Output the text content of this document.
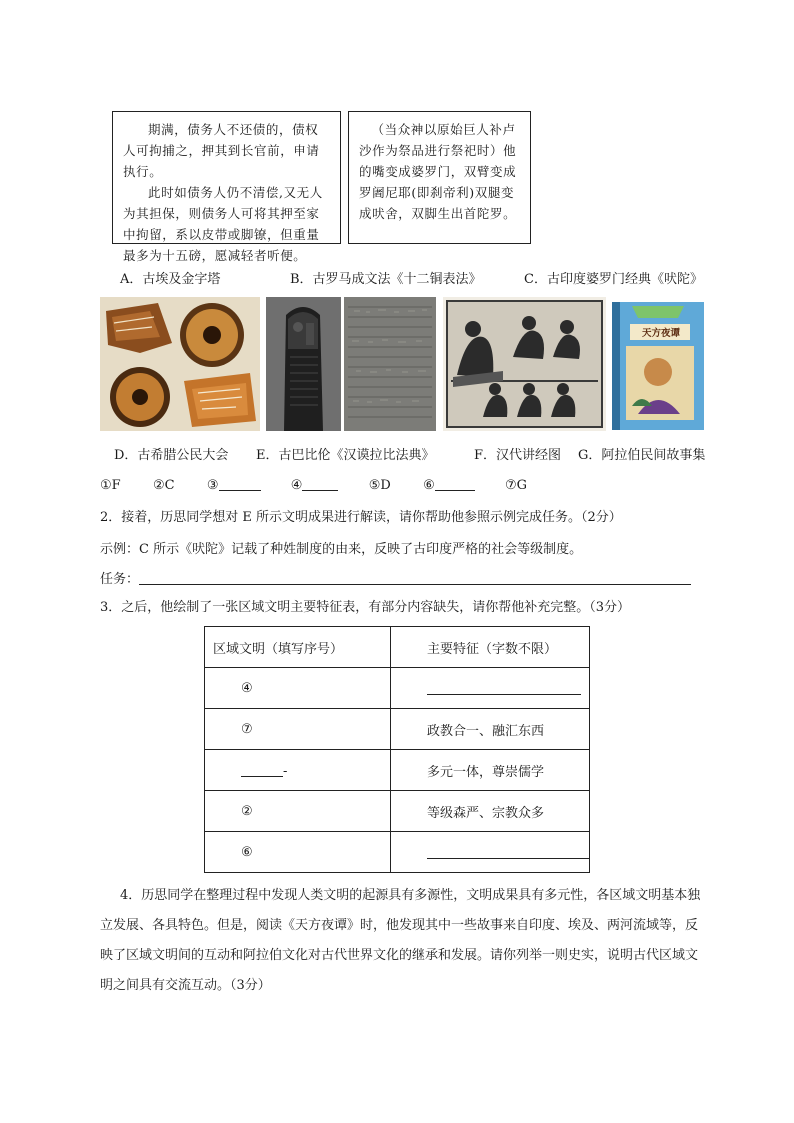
期满，债务人不还债的，债权人可拘捕之，押其到长官前，申请执行。

此时如债务人仍不清偿,又无人为其担保，则债务人可将其押至家中拘留，系以皮带或脚镣，但重量最多为十五磅，愿减轻者听便。

（当众神以原始巨人补卢沙作为祭品进行祭祀时）他的嘴变成婆罗门，双臂变成罗阇尼耶(即刹帝利)双腿变成吠舍，双脚生出首陀罗。

A．古埃及金字塔	B．古罗马成文法《十二铜表法》	C．古印度婆罗门经典《吠陀》
天方夜谭
D．古希腊公民大会 E．古巴比伦《汉谟拉比法典》	F．汉代讲经图 G．阿拉伯民间故事集
①F ②C ③	④	⑤D ⑥	⑦G
2．接着，历思同学想对 E 所示文明成果进行解读，请你帮助他参照示例完成任务。（2分）
示例：C 所示《吠陀》记载了种姓制度的由来，反映了古印度严格的社会等级制度。
任务：
3．之后，他绘制了一张区域文明主要特征表，有部分内容缺失，请你帮他补充完整。（3分）
区域文明（填写序号）	主要特征（字数不限）
④	
⑦	政教合一、融汇东西
-	多元一体，尊崇儒学
②	等级森严、宗教众多
⑥	
4．历思同学在整理过程中发现人类文明的起源具有多源性，文明成果具有多元性，各区域文明基本独
立发展、各具特色。但是，阅读《天方夜谭》时，他发现其中一些故事来自印度、埃及、两河流域等，反
映了区域文明间的互动和阿拉伯文化对古代世界文化的继承和发展。请你列举一则史实，说明古代区域文
明之间具有交流互动。（3分）
